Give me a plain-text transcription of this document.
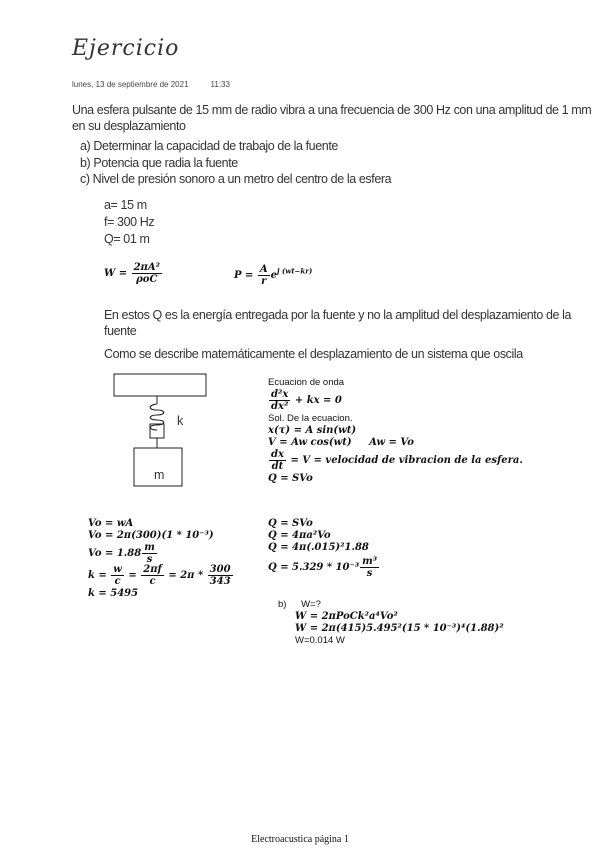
Ejercicio
lunes, 13 de septiembre de 2021	11:33
Una esfera pulsante de 15 mm de radio vibra a una frecuencia de 300 Hz con una amplitud de 1 mm en su desplazamiento
a) Determinar la capacidad de trabajo de la fuente
b) Potencia que radia la fuente
c) Nivel de presión sonoro a un metro del centro de la esfera
a= 15 m
f= 300 Hz
Q= 01 m
$W = \frac{\text{2πA²}}{\text{ρoC}}$	$P = \frac{A}{r} e^{j (wt-kr)}$
En estos Q es la energía entregada por la fuente y no la amplitud del desplazamiento de la fuente
Como se describe matemáticamente el desplazamiento de un sistema que oscila
k
m
Ecuacion de onda
$\frac{\text{d²x}}{\text{dx²}}$ + kx = 0
Sol. De la ecuacion.
x(τ) = A sin(wt)
V = Aw cos(wt) Aw = Vo
$\frac{dx}{dt} = V$ = velocidad de vibracion de la esfera.
Q = SVo
Vo = wA
Vo = 2π(300)(1 * 10⁻³)
$Vo = 1.88 \frac{m}{s}$
$k = \frac{w}{c} = \frac{2\pi f}{c} = 2\pi * \frac{300}{343}$
k = 5495
Q = SVo
Q = 4πa²Vo
Q = 4π(.015)²1.88
$Q = 5.329 * 10^{-3} \frac{\text{m³}}{s}$
b) W=?
W = 2πPoCk²a⁴Vo²
W = 2π(415)5.495²(15 * 10⁻³)⁴(1.88)²
W=0.014 W
Electroacustica página 1
